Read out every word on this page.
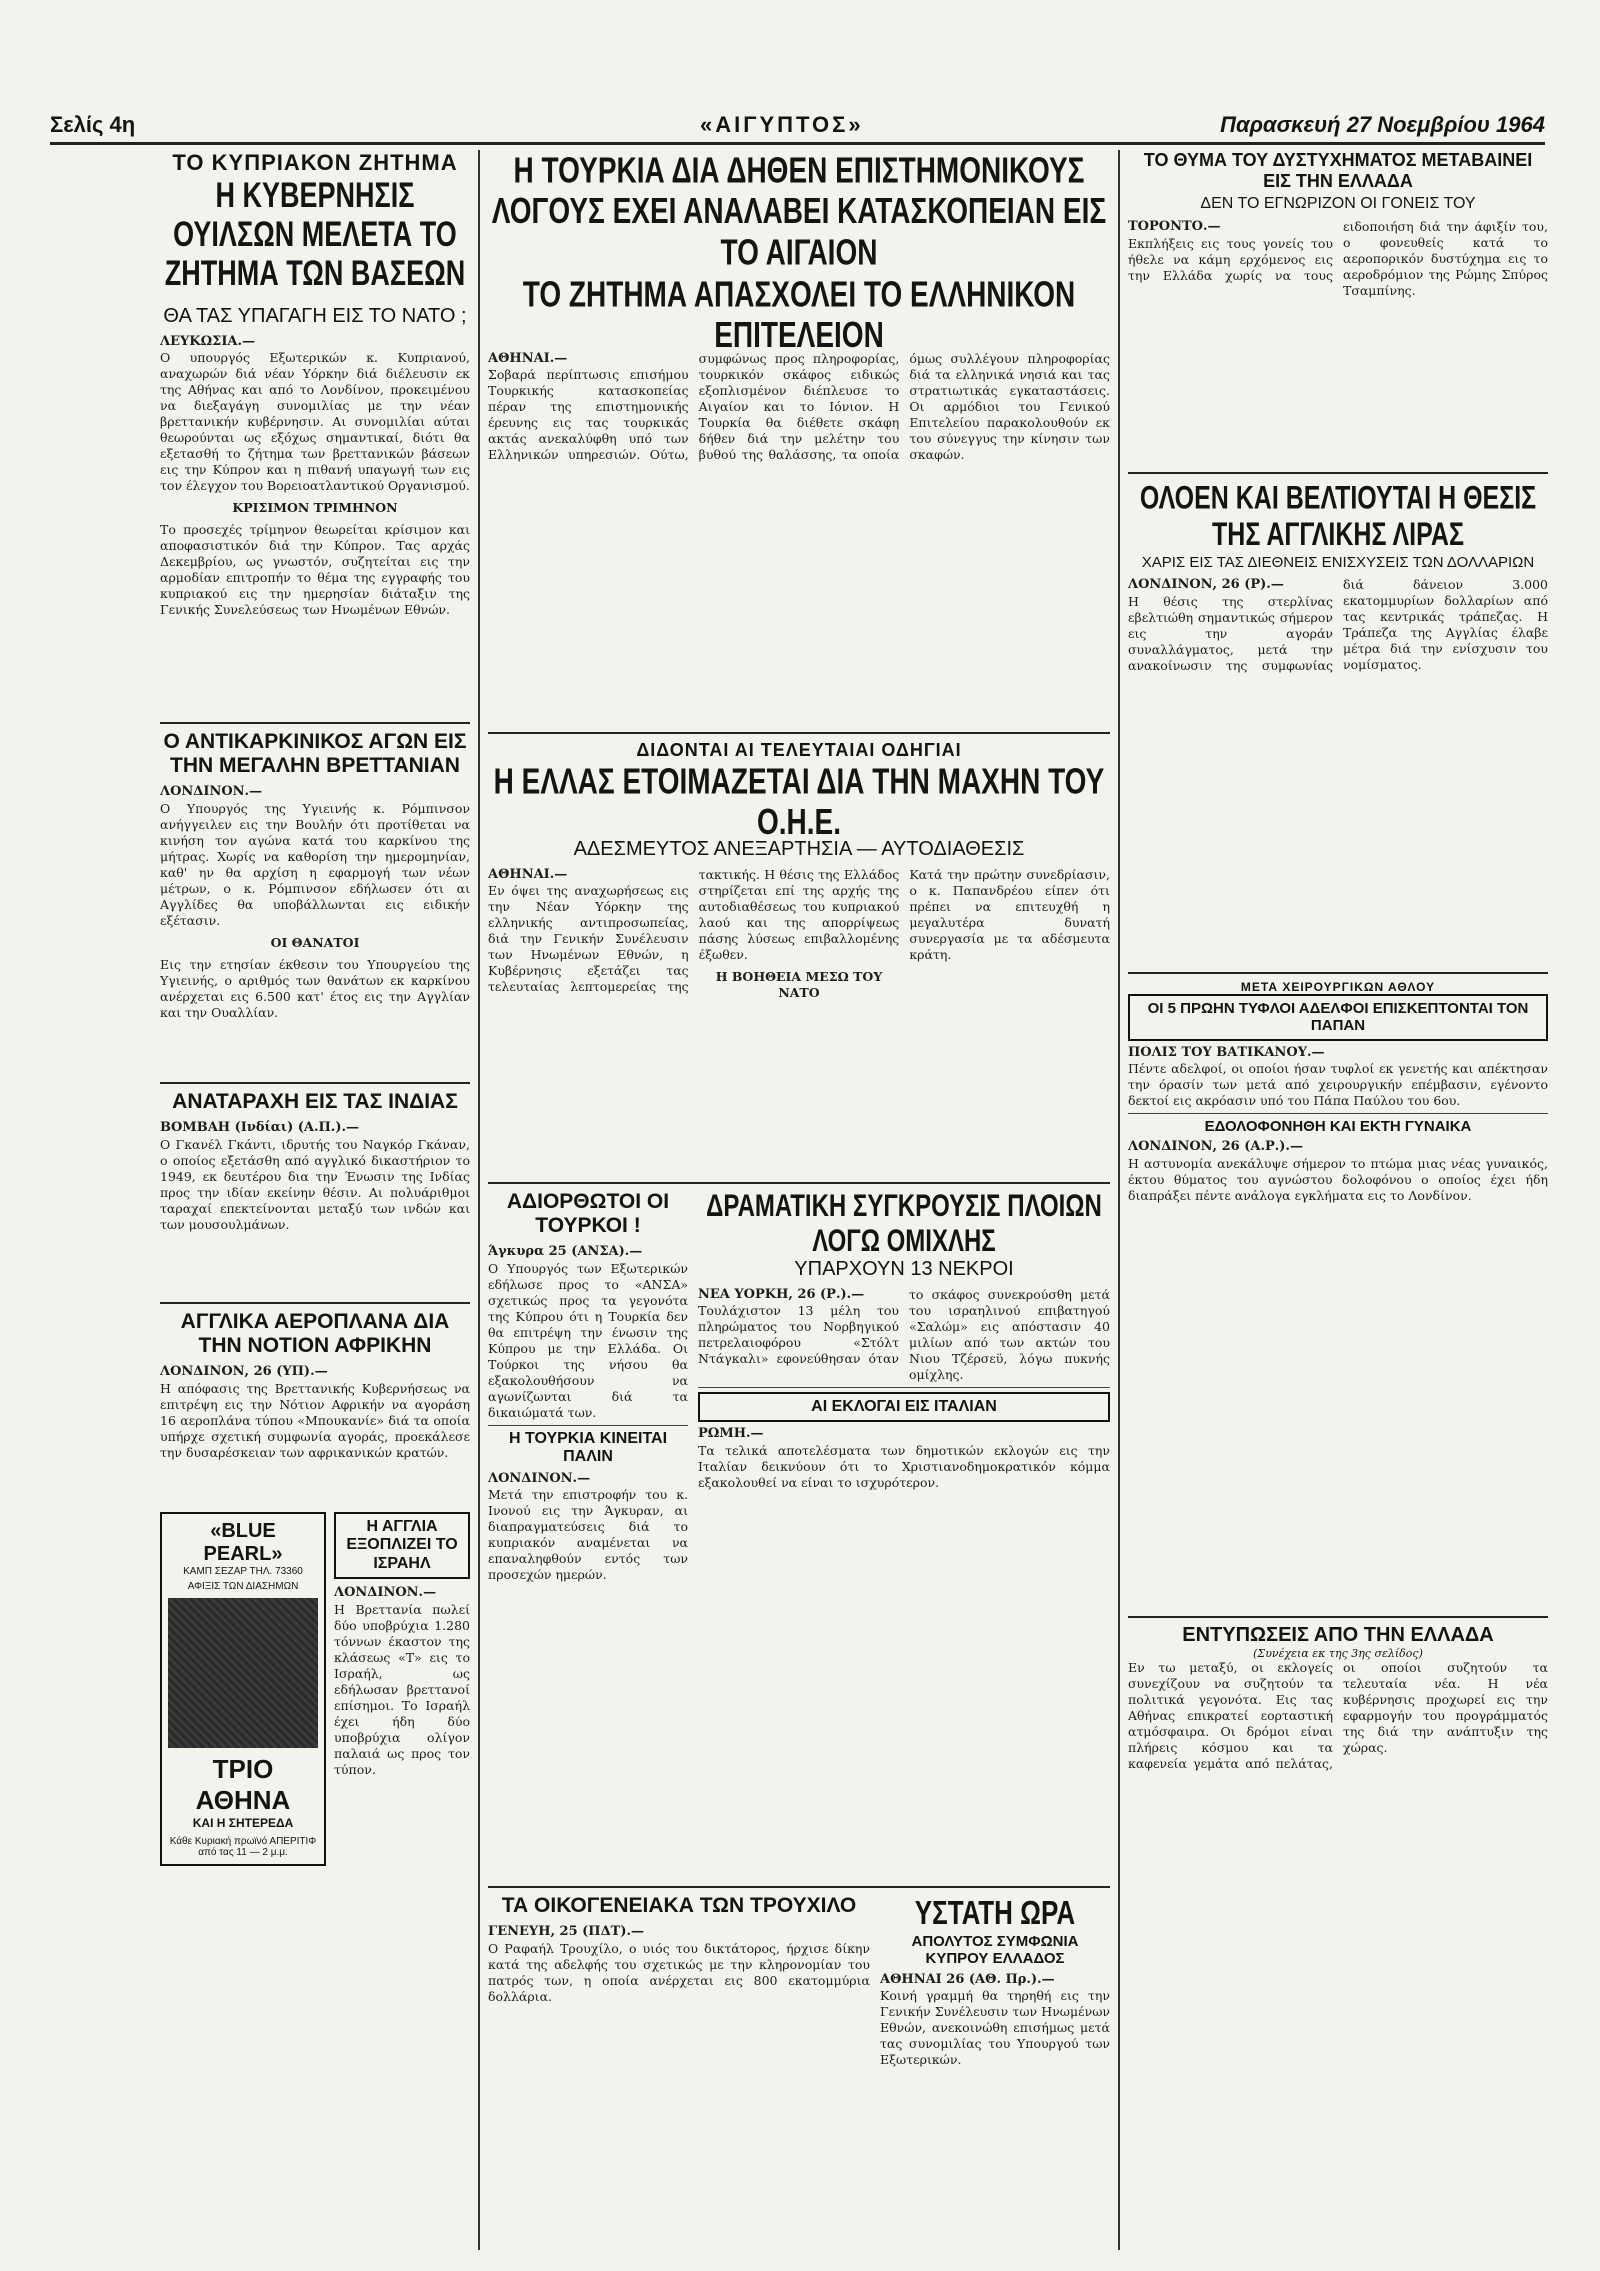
Σελίς 4η	«ΑΙΓΥΠΤΟΣ»	Παρασκευή 27 Νοεμβρίου 1964
ΤΟ ΚΥΠΡΙΑΚΟΝ ΖΗΤΗΜΑ
Η ΚΥΒΕΡΝΗΣΙΣ ΟΥΙΛΣΩΝ ΜΕΛΕΤΑ ΤΟ ΖΗΤΗΜΑ ΤΩΝ ΒΑΣΕΩΝ
ΘΑ ΤΑΣ ΥΠΑΓΑΓΗ ΕΙΣ ΤΟ ΝΑΤΟ ;
ΛΕΥΚΩΣΙΑ.—
Ο υπουργός Εξωτερικών κ. Κυπριανού, αναχωρών διά νέαν Υόρκην διά διέλευσιν εκ της Αθήνας και από το Λονδίνον, προκειμένου να διεξαγάγη συνομιλίας με την νέαν βρεττανικήν κυβέρνησιν. Αι συνομιλίαι αύται θεωρούνται ως εξόχως σημαντικαί, διότι θα εξετασθή το ζήτημα των βρεττανικών βάσεων εις την Κύπρον και η πιθανή υπαγωγή των εις τον έλεγχον του Βορειοατλαντικού Οργανισμού.
ΚΡΙΣΙΜΟΝ ΤΡΙΜΗΝΟΝ
Το προσεχές τρίμηνον θεωρείται κρίσιμον και αποφασιστικόν διά την Κύπρον. Τας αρχάς Δεκεμβρίου, ως γνωστόν, συζητείται εις την αρμοδίαν επιτροπήν το θέμα της εγγραφής του κυπριακού εις την ημερησίαν διάταξιν της Γενικής Συνελεύσεως των Ηνωμένων Εθνών.
Ο ΑΝΤΙΚΑΡΚΙΝΙΚΟΣ ΑΓΩΝ ΕΙΣ ΤΗΝ ΜΕΓΑΛΗΝ ΒΡΕΤΤΑΝΙΑΝ
ΛΟΝΔΙΝΟΝ.—
Ο Υπουργός της Υγιεινής κ. Ρόμπινσον ανήγγειλεν εις την Βουλήν ότι προτίθεται να κινήση τον αγώνα κατά του καρκίνου της μήτρας. Χωρίς να καθορίση την ημερομηνίαν, καθ' ην θα αρχίση η εφαρμογή των νέων μέτρων, ο κ. Ρόμπινσον εδήλωσεν ότι αι Αγγλίδες θα υποβάλλωνται εις ειδικήν εξέτασιν.
ΟΙ ΘΑΝΑΤΟΙ
Εις την ετησίαν έκθεσιν του Υπουργείου της Υγιεινής, ο αριθμός των θανάτων εκ καρκίνου ανέρχεται εις 6.500 κατ' έτος εις την Αγγλίαν και την Ουαλλίαν.
ΑΝΑΤΑΡΑΧΗ ΕΙΣ ΤΑΣ ΙΝΔΙΑΣ
ΒΟΜΒΑΗ (Ινδίαι) (Α.Π.).—
Ο Γκανέλ Γκάντι, ιδρυτής του Ναγκόρ Γκάναν, ο οποίος εξετάσθη από αγγλικό δικαστήριον το 1949, εκ δευτέρου δια την Ένωσιν της Ινδίας προς την ιδίαν εκείνην θέσιν. Αι πολυάριθμοι ταραχαί επεκτείνονται μεταξύ των ινδών και των μουσουλμάνων.
ΑΓΓΛΙΚΑ ΑΕΡΟΠΛΑΝΑ ΔΙΑ ΤΗΝ ΝΟΤΙΟΝ ΑΦΡΙΚΗΝ
ΛΟΝΔΙΝΟΝ, 26 (ΥΠ).—
Η απόφασις της Βρεττανικής Κυβερνήσεως να επιτρέψη εις την Νότιον Αφρικήν να αγοράση 16 αεροπλάνα τύπου «Μπουκανίε» διά τα οποία υπήρχε σχετική συμφωνία αγοράς, προεκάλεσε την δυσαρέσκειαν των αφρικανικών κρατών.
«BLUE PEARL»
ΚΑΜΠ ΣΕΖΑΡ ΤΗΛ. 73360
ΑΦΙΞΙΣ ΤΩΝ ΔΙΑΣΗΜΩΝ
ΤΡΙΟ ΑΘΗΝΑ
ΚΑΙ Η ΣΗΤΕΡΕΔΑ
Κάθε Κυριακή πρωϊνό ΑΠΕΡΙΤΙΦ από τας 11 — 2 μ.μ.
Η ΑΓΓΛΙΑ ΕΞΟΠΛΙΖΕΙ ΤΟ ΙΣΡΑΗΛ
ΛΟΝΔΙΝΟΝ.—
Η Βρεττανία πωλεί δύο υποβρύχια 1.280 τόννων έκαστον της κλάσεως «Τ» εις το Ισραήλ, ως εδήλωσαν βρεττανοί επίσημοι. Το Ισραήλ έχει ήδη δύο υποβρύχια ολίγον παλαιά ως προς τον τύπον.
Η ΤΟΥΡΚΙΑ ΔΙΑ ΔΗΘΕΝ ΕΠΙΣΤΗΜΟΝΙΚΟΥΣ ΛΟΓΟΥΣ ΕΧΕΙ ΑΝΑΛΑΒΕΙ ΚΑΤΑΣΚΟΠΕΙΑΝ ΕΙΣ ΤΟ ΑΙΓΑΙΟΝ
ΤΟ ΖΗΤΗΜΑ ΑΠΑΣΧΟΛΕΙ ΤΟ ΕΛΛΗΝΙΚΟΝ ΕΠΙΤΕΛΕΙΟΝ
ΑΘΗΝΑΙ.—
Σοβαρά περίπτωσις επισήμου Τουρκικής κατασκοπείας πέραν της επιστημονικής έρευνης εις τας τουρκικάς ακτάς ανεκαλύφθη υπό των Ελληνικών υπηρεσιών. Ούτω, συμφώνως προς πληροφορίας, τουρκικόν σκάφος ειδικώς εξοπλισμένον διέπλευσε το Αιγαίον και το Ιόνιον. Η Τουρκία θα διέθετε σκάφη δήθεν διά την μελέτην του βυθού της θαλάσσης, τα οποία όμως συλλέγουν πληροφορίας διά τα ελληνικά νησιά και τας στρατιωτικάς εγκαταστάσεις. Οι αρμόδιοι του Γενικού Επιτελείου παρακολουθούν εκ του σύνεγγυς την κίνησιν των σκαφών.
ΔΙΔΟΝΤΑΙ ΑΙ ΤΕΛΕΥΤΑΙΑΙ ΟΔΗΓΙΑΙ
Η ΕΛΛΑΣ ΕΤΟΙΜΑΖΕΤΑΙ ΔΙΑ ΤΗΝ ΜΑΧΗΝ ΤΟΥ Ο.Η.Ε.
ΑΔΕΣΜΕΥΤΟΣ ΑΝΕΞΑΡΤΗΣΙΑ — ΑΥΤΟΔΙΑΘΕΣΙΣ
ΑΘΗΝΑΙ.—
Εν όψει της αναχωρήσεως εις την Νέαν Υόρκην της ελληνικής αντιπροσωπείας, διά την Γενικήν Συνέλευσιν των Ηνωμένων Εθνών, η Κυβέρνησις εξετάζει τας τελευταίας λεπτομερείας της τακτικής. Η θέσις της Ελλάδος στηρίζεται επί της αρχής της αυτοδιαθέσεως του κυπριακού λαού και της απορρίψεως πάσης λύσεως επιβαλλομένης έξωθεν.
Η ΒΟΗΘΕΙΑ ΜΕΣΩ ΤΟΥ ΝΑΤΟ
Κατά την πρώτην συνεδρίασιν, ο κ. Παπανδρέου είπεν ότι πρέπει να επιτευχθή η μεγαλυτέρα δυνατή συνεργασία με τα αδέσμευτα κράτη.
ΑΔΙΟΡΘΩΤΟΙ ΟΙ ΤΟΥΡΚΟΙ !
Άγκυρα 25 (ΑΝΣΑ).—
Ο Υπουργός των Εξωτερικών εδήλωσε προς το «ΑΝΣΑ» σχετικώς προς τα γεγονότα της Κύπρου ότι η Τουρκία δεν θα επιτρέψη την ένωσιν της Κύπρου με την Ελλάδα. Οι Τούρκοι της νήσου θα εξακολουθήσουν να αγωνίζωνται διά τα δικαιώματά των.
Η ΤΟΥΡΚΙΑ ΚΙΝΕΙΤΑΙ ΠΑΛΙΝ
ΛΟΝΔΙΝΟΝ.—
Μετά την επιστροφήν του κ. Ινονού εις την Άγκυραν, αι διαπραγματεύσεις διά το κυπριακόν αναμένεται να επαναληφθούν εντός των προσεχών ημερών.
ΔΡΑΜΑΤΙΚΗ ΣΥΓΚΡΟΥΣΙΣ ΠΛΟΙΩΝ ΛΟΓΩ ΟΜΙΧΛΗΣ
ΥΠΑΡΧΟΥΝ 13 ΝΕΚΡΟΙ
ΝΕΑ ΥΟΡΚΗ, 26 (Ρ.).—
Τουλάχιστον 13 μέλη του πληρώματος του Νορβηγικού πετρελαιοφόρου «Στόλτ Ντάγκαλι» εφονεύθησαν όταν το σκάφος συνεκρούσθη μετά του ισραηλινού επιβατηγού «Σαλώμ» εις απόστασιν 40 μιλίων από των ακτών του Νιου Τζέρσεϋ, λόγω πυκνής ομίχλης.
ΑΙ ΕΚΛΟΓΑΙ ΕΙΣ ΙΤΑΛΙΑΝ
ΡΩΜΗ.—
Τα τελικά αποτελέσματα των δημοτικών εκλογών εις την Ιταλίαν δεικνύουν ότι το Χριστιανοδημοκρατικόν κόμμα εξακολουθεί να είναι το ισχυρότερον.
ΤΑ ΟΙΚΟΓΕΝΕΙΑΚΑ ΤΩΝ ΤΡΟΥΧΙΛΟ
ΓΕΝΕΥΗ, 25 (ΠΔΤ).—
Ο Ραφαήλ Τρουχίλο, ο υιός του δικτάτορος, ήρχισε δίκην κατά της αδελφής του σχετικώς με την κληρονομίαν του πατρός των, η οποία ανέρχεται εις 800 εκατομμύρια δολλάρια.
ΥΣΤΑΤΗ ΩΡΑ
ΑΠΟΛΥΤΟΣ ΣΥΜΦΩΝΙΑ ΚΥΠΡΟΥ ΕΛΛΑΔΟΣ
ΑΘΗΝΑΙ 26 (ΑΘ. Πρ.).—
Κοινή γραμμή θα τηρηθή εις την Γενικήν Συνέλευσιν των Ηνωμένων Εθνών, ανεκοινώθη επισήμως μετά τας συνομιλίας του Υπουργού των Εξωτερικών.
ΤΟ ΘΥΜΑ ΤΟΥ ΔΥΣΤΥΧΗΜΑΤΟΣ ΜΕΤΑΒΑΙΝΕΙ ΕΙΣ ΤΗΝ ΕΛΛΑΔΑ
ΔΕΝ ΤΟ ΕΓΝΩΡΙΖΟΝ ΟΙ ΓΟΝΕΙΣ ΤΟΥ
ΤΟΡΟΝΤΟ.—
Εκπλήξεις εις τους γονείς του ήθελε να κάμη ερχόμενος εις την Ελλάδα χωρίς να τους ειδοποιήση διά την άφιξίν του, ο φονευθείς κατά το αεροπορικόν δυστύχημα εις το αεροδρόμιον της Ρώμης Σπύρος Τσαμπίνης.
ΟΛΟΕΝ ΚΑΙ ΒΕΛΤΙΟΥΤΑΙ Η ΘΕΣΙΣ ΤΗΣ ΑΓΓΛΙΚΗΣ ΛΙΡΑΣ
ΧΑΡΙΣ ΕΙΣ ΤΑΣ ΔΙΕΘΝΕΙΣ ΕΝΙΣΧΥΣΕΙΣ ΤΩΝ ΔΟΛΛΑΡΙΩΝ
ΛΟΝΔΙΝΟΝ, 26 (Ρ).—
Η θέσις της στερλίνας εβελτιώθη σημαντικώς σήμερον εις την αγοράν συναλλάγματος, μετά την ανακοίνωσιν της συμφωνίας διά δάνειον 3.000 εκατομμυρίων δολλαρίων από τας κεντρικάς τράπεζας. Η Τράπεζα της Αγγλίας έλαβε μέτρα διά την ενίσχυσιν του νομίσματος.
ΜΕΤΑ ΧΕΙΡΟΥΡΓΙΚΩΝ ΑΘΛΟΥ
ΟΙ 5 ΠΡΩΗΝ ΤΥΦΛΟΙ ΑΔΕΛΦΟΙ ΕΠΙΣΚΕΠΤΟΝΤΑΙ ΤΟΝ ΠΑΠΑΝ
ΠΟΛΙΣ ΤΟΥ ΒΑΤΙΚΑΝΟΥ.—
Πέντε αδελφοί, οι οποίοι ήσαν τυφλοί εκ γενετής και απέκτησαν την όρασίν των μετά από χειρουργικήν επέμβασιν, εγένοντο δεκτοί εις ακρόασιν υπό του Πάπα Παύλου του 6ου.
ΕΔΟΛΟΦΟΝΗΘΗ ΚΑΙ ΕΚΤΗ ΓΥΝΑΙΚΑ
ΛΟΝΔΙΝΟΝ, 26 (Α.Ρ.).—
Η αστυνομία ανεκάλυψε σήμερον το πτώμα μιας νέας γυναικός, έκτου θύματος του αγνώστου δολοφόνου ο οποίος έχει ήδη διαπράξει πέντε ανάλογα εγκλήματα εις το Λονδίνον.
ΕΝΤΥΠΩΣΕΙΣ ΑΠΟ ΤΗΝ ΕΛΛΑΔΑ
(Συνέχεια εκ της 3ης σελίδος)
Εν τω μεταξύ, οι εκλογείς συνεχίζουν να συζητούν τα πολιτικά γεγονότα. Εις τας Αθήνας επικρατεί εορταστική ατμόσφαιρα. Οι δρόμοι είναι πλήρεις κόσμου και τα καφενεία γεμάτα από πελάτας, οι οποίοι συζητούν τα τελευταία νέα. Η νέα κυβέρνησις προχωρεί εις την εφαρμογήν του προγράμματός της διά την ανάπτυξιν της χώρας.
